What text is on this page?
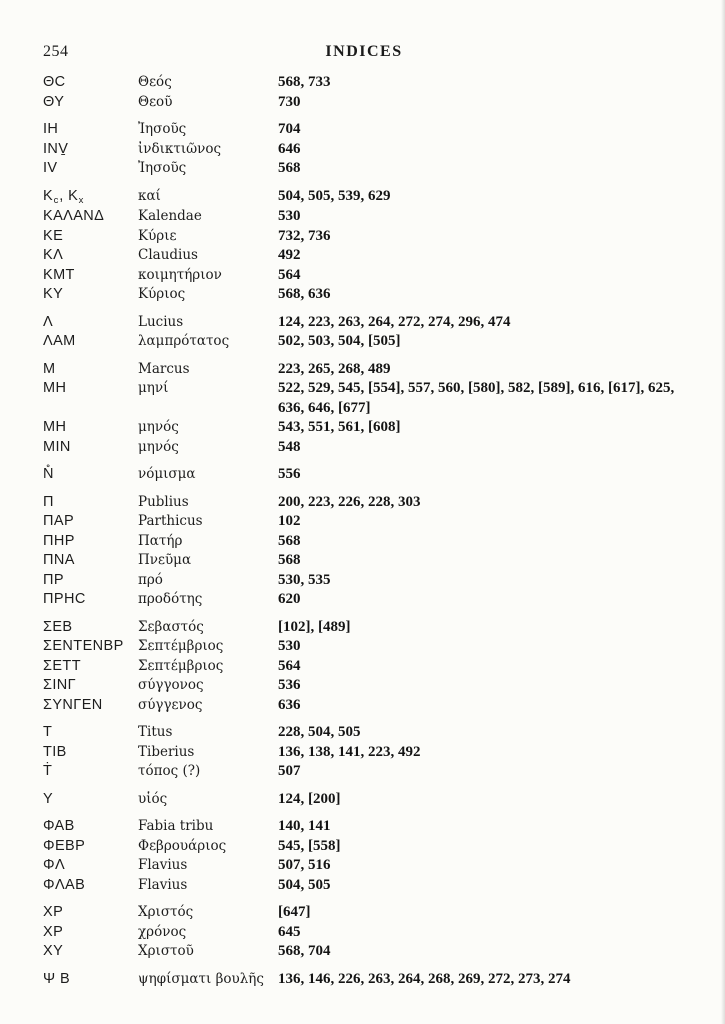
254	INDICES
ΘC	Θεός	568, 733
ΘΥ	Θεοῦ	730
ΙΗ	Ἰησοῦς	704
ΙΝV̱	ἰνδικτιῶνος	646
ΙV	Ἰησοῦς	568
$K_c$, $K_x$	καί	504, 505, 539, 629
ΚΑΛΑΝΔ	Kalendae	530
ΚΕ	Κύριε	732, 736
ΚΛ	Claudius	492
ΚΜΤ	κοιμητήριον	564
ΚΥ	Κύριος	568, 636
Λ	Lucius	124, 223, 263, 264, 272, 274, 296, 474
ΛΑΜ	λαμπρότατος	502, 503, 504, [505]
Μ	Marcus	223, 265, 268, 489
ΜΗ	μηνί	522, 529, 545, [554], 557, 560, [580], 582, [589], 616, [617], 625, 636, 646, [677]
ΜΗ	μηνός	543, 551, 561, [608]
ΜΙΝ	μηνός	548
N̊	νόμισμα	556
Π	Publius	200, 223, 226, 228, 303
ΠΑΡ	Parthicus	102
ΠΗΡ	Πατήρ	568
ΠΝΑ	Πνεῦμα	568
ΠΡ	πρό	530, 535
ΠΡΗC	προδότης	620
ΣΕΒ	Σεβαστός	[102], [489]
ΣΕΝΤΕΝΒΡ	Σεπτέμβριος	530
ΣΕΤΤ	Σεπτέμβριος	564
ΣΙΝΓ	σύγγονος	536
ΣΥΝΓΕΝ	σύγγενος	636
Τ	Titus	228, 504, 505
ΤΙΒ	Tiberius	136, 138, 141, 223, 492
Ṫ	τόπος (?)	507
Υ	υἱός	124, [200]
ΦΑΒ	Fabia tribu	140, 141
ΦΕΒΡ	Φεβρουάριος	545, [558]
ΦΛ	Flavius	507, 516
ΦΛΑΒ	Flavius	504, 505
ΧΡ	Χριστός	[647]
ΧΡ	χρόνος	645
ΧΥ	Χριστοῦ	568, 704
Ψ Β	ψηφίσματι βουλῆς 136, 146, 226, 263, 264, 268, 269, 272, 273, 274
